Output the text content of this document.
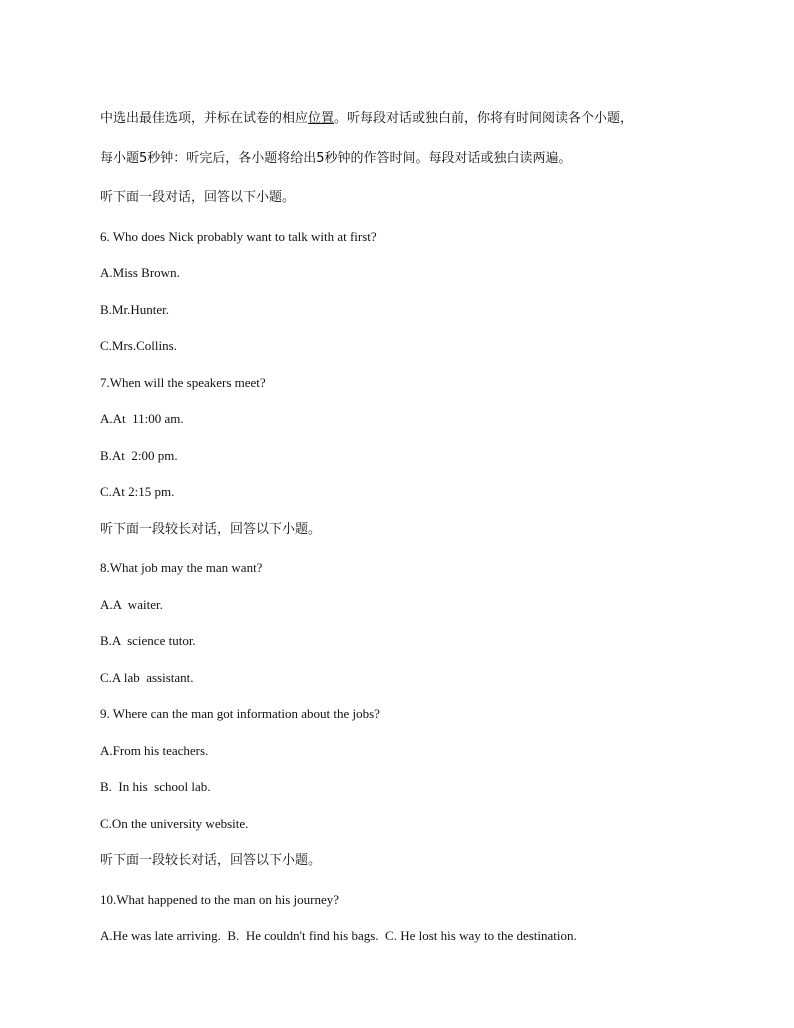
中选出最佳选项，并标在试卷的相应位置。听每段对话或独白前，你将有时间阅读各个小题，
每小题5秒钟：听完后，各小题将给出5秒钟的作答时间。每段对话或独白读两遍。
听下面一段对话，回答以下小题。
6. Who does Nick probably want to talk with at first?
A.Miss Brown.
B.Mr.Hunter.
C.Mrs.Collins.
7.When will the speakers meet?
A.At  11:00 am.
B.At  2:00 pm.
C.At 2:15 pm.
听下面一段较长对话，回答以下小题。
8.What job may the man want?
A.A  waiter.
B.A  science tutor.
C.A lab  assistant.
9. Where can the man got information about the jobs?
A.From his teachers.
B.  In his  school lab.
C.On the university website.
听下面一段较长对话，回答以下小题。
10.What happened to the man on his journey?
A.He was late arriving.  B.  He couldn't find his bags.  C. He lost his way to the destination.
